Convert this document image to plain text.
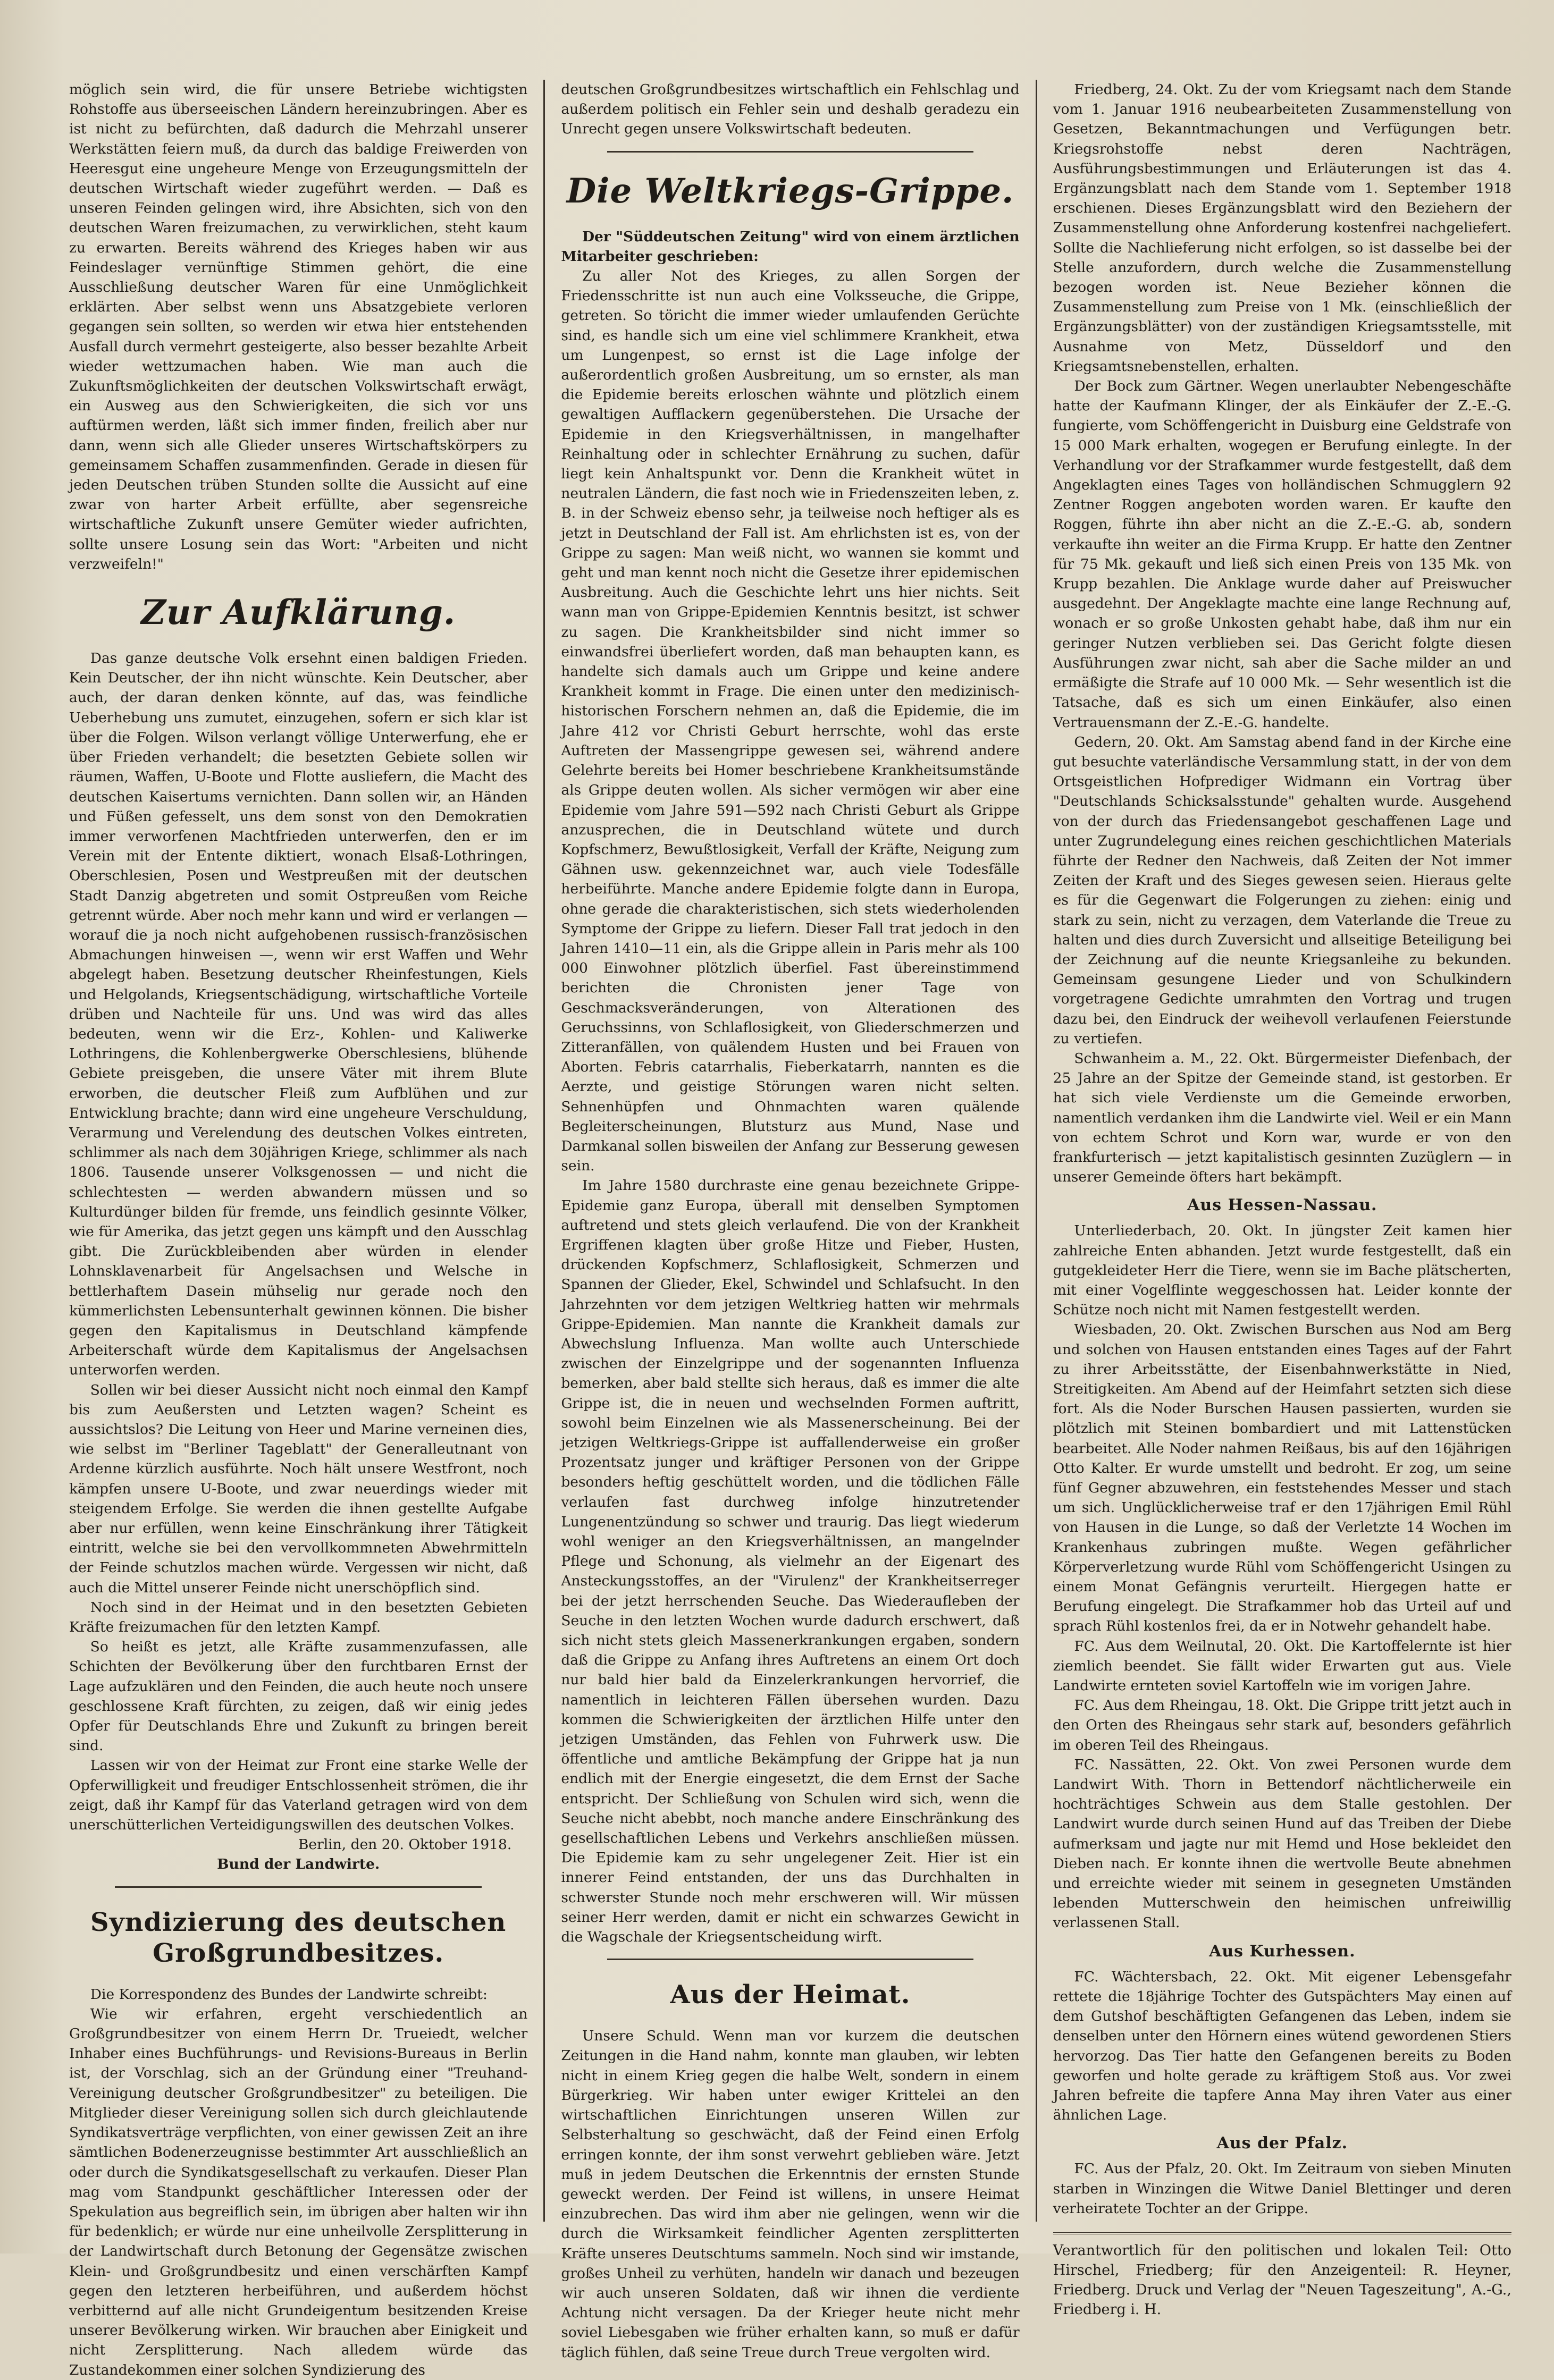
möglich sein wird, die für unsere Betriebe wichtigsten Rohstoffe aus überseeischen Ländern hereinzubringen. Aber es ist nicht zu befürchten, daß dadurch die Mehrzahl unserer Werkstätten feiern muß, da durch das baldige Freiwerden von Heeresgut eine ungeheure Menge von Erzeugungsmitteln der deutschen Wirtschaft wieder zugeführt werden. — Daß es unseren Feinden gelingen wird, ihre Absichten, sich von den deutschen Waren freizumachen, zu verwirklichen, steht kaum zu erwarten. Bereits während des Krieges haben wir aus Feindeslager vernünftige Stimmen gehört, die eine Ausschließung deutscher Waren für eine Unmöglichkeit erklärten. Aber selbst wenn uns Absatzgebiete verloren gegangen sein sollten, so werden wir etwa hier entstehenden Ausfall durch vermehrt gesteigerte, also besser bezahlte Arbeit wieder wettzumachen haben. Wie man auch die Zukunftsmöglichkeiten der deutschen Volkswirtschaft erwägt, ein Ausweg aus den Schwierigkeiten, die sich vor uns auftürmen werden, läßt sich immer finden, freilich aber nur dann, wenn sich alle Glieder unseres Wirtschaftskörpers zu gemeinsamem Schaffen zusammenfinden. Gerade in diesen für jeden Deutschen trüben Stunden sollte die Aussicht auf eine zwar von harter Arbeit erfüllte, aber segensreiche wirtschaftliche Zukunft unsere Gemüter wieder aufrichten, sollte unsere Losung sein das Wort: "Arbeiten und nicht verzweifeln!"

Zur Aufklärung.

Das ganze deutsche Volk ersehnt einen baldigen Frieden. Kein Deutscher, der ihn nicht wünschte. Kein Deutscher, aber auch, der daran denken könnte, auf das, was feindliche Ueberhebung uns zumutet, einzugehen, sofern er sich klar ist über die Folgen. Wilson verlangt völlige Unterwerfung, ehe er über Frieden verhandelt; die besetzten Gebiete sollen wir räumen, Waffen, U-Boote und Flotte ausliefern, die Macht des deutschen Kaisertums vernichten. Dann sollen wir, an Händen und Füßen gefesselt, uns dem sonst von den Demokratien immer verworfenen Machtfrieden unterwerfen, den er im Verein mit der Entente diktiert, wonach Elsaß-Lothringen, Oberschlesien, Posen und Westpreußen mit der deutschen Stadt Danzig abgetreten und somit Ostpreußen vom Reiche getrennt würde. Aber noch mehr kann und wird er verlangen — worauf die ja noch nicht aufgehobenen russisch-französischen Abmachungen hinweisen —, wenn wir erst Waffen und Wehr abgelegt haben. Besetzung deutscher Rheinfestungen, Kiels und Helgolands, Kriegsentschädigung, wirtschaftliche Vorteile drüben und Nachteile für uns. Und was wird das alles bedeuten, wenn wir die Erz-, Kohlen- und Kaliwerke Lothringens, die Kohlenbergwerke Oberschlesiens, blühende Gebiete preisgeben, die unsere Väter mit ihrem Blute erworben, die deutscher Fleiß zum Aufblühen und zur Entwicklung brachte; dann wird eine ungeheure Verschuldung, Verarmung und Verelendung des deutschen Volkes eintreten, schlimmer als nach dem 30jährigen Kriege, schlimmer als nach 1806. Tausende unserer Volksgenossen — und nicht die schlechtesten — werden abwandern müssen und so Kulturdünger bilden für fremde, uns feindlich gesinnte Völker, wie für Amerika, das jetzt gegen uns kämpft und den Ausschlag gibt. Die Zurückbleibenden aber würden in elender Lohnsklavenarbeit für Angelsachsen und Welsche in bettlerhaftem Dasein mühselig nur gerade noch den kümmerlichsten Lebensunterhalt gewinnen können. Die bisher gegen den Kapitalismus in Deutschland kämpfende Arbeiterschaft würde dem Kapitalismus der Angelsachsen unterworfen werden.

Sollen wir bei dieser Aussicht nicht noch einmal den Kampf bis zum Aeußersten und Letzten wagen? Scheint es aussichtslos? Die Leitung von Heer und Marine verneinen dies, wie selbst im "Berliner Tageblatt" der Generalleutnant von Ardenne kürzlich ausführte. Noch hält unsere Westfront, noch kämpfen unsere U-Boote, und zwar neuerdings wieder mit steigendem Erfolge. Sie werden die ihnen gestellte Aufgabe aber nur erfüllen, wenn keine Einschränkung ihrer Tätigkeit eintritt, welche sie bei den vervollkommneten Abwehrmitteln der Feinde schutzlos machen würde. Vergessen wir nicht, daß auch die Mittel unserer Feinde nicht unerschöpflich sind.

Noch sind in der Heimat und in den besetzten Gebieten Kräfte freizumachen für den letzten Kampf.

So heißt es jetzt, alle Kräfte zusammenzufassen, alle Schichten der Bevölkerung über den furchtbaren Ernst der Lage aufzuklären und den Feinden, die auch heute noch unsere geschlossene Kraft fürchten, zu zeigen, daß wir einig jedes Opfer für Deutschlands Ehre und Zukunft zu bringen bereit sind.

Lassen wir von der Heimat zur Front eine starke Welle der Opferwilligkeit und freudiger Entschlossenheit strömen, die ihr zeigt, daß ihr Kampf für das Vaterland getragen wird von dem unerschütterlichen Verteidigungswillen des deutschen Volkes.

Berlin, den 20. Oktober 1918.
Bund der Landwirte.
Syndizierung des deutschen Großgrundbesitzes.

Die Korrespondenz des Bundes der Landwirte schreibt:

Wie wir erfahren, ergeht verschiedentlich an Großgrundbesitzer von einem Herrn Dr. Trueiedt, welcher Inhaber eines Buchführungs- und Revisions-Bureaus in Berlin ist, der Vorschlag, sich an der Gründung einer "Treuhand-Vereinigung deutscher Großgrundbesitzer" zu beteiligen. Die Mitglieder dieser Vereinigung sollen sich durch gleichlautende Syndikatsverträge verpflichten, von einer gewissen Zeit an ihre sämtlichen Bodenerzeugnisse bestimmter Art ausschließlich an oder durch die Syndikatsgesellschaft zu verkaufen. Dieser Plan mag vom Standpunkt geschäftlicher Interessen oder der Spekulation aus begreiflich sein, im übrigen aber halten wir ihn für bedenklich; er würde nur eine unheilvolle Zersplitterung in der Landwirtschaft durch Betonung der Gegensätze zwischen Klein- und Großgrundbesitz und einen verschärften Kampf gegen den letzteren herbeiführen, und außerdem höchst verbitternd auf alle nicht Grundeigentum besitzenden Kreise unserer Bevölkerung wirken. Wir brauchen aber Einigkeit und nicht Zersplitterung. Nach alledem würde das Zustandekommen einer solchen Syndizierung des

deutschen Großgrundbesitzes wirtschaftlich ein Fehlschlag und außerdem politisch ein Fehler sein und deshalb geradezu ein Unrecht gegen unsere Volkswirtschaft bedeuten.

Die Weltkriegs-Grippe.

Der "Süddeutschen Zeitung" wird von einem ärztlichen Mitarbeiter geschrieben:

Zu aller Not des Krieges, zu allen Sorgen der Friedensschritte ist nun auch eine Volksseuche, die Grippe, getreten. So töricht die immer wieder umlaufenden Gerüchte sind, es handle sich um eine viel schlimmere Krankheit, etwa um Lungenpest, so ernst ist die Lage infolge der außerordentlich großen Ausbreitung, um so ernster, als man die Epidemie bereits erloschen wähnte und plötzlich einem gewaltigen Aufflackern gegenüberstehen. Die Ursache der Epidemie in den Kriegsverhältnissen, in mangelhafter Reinhaltung oder in schlechter Ernährung zu suchen, dafür liegt kein Anhaltspunkt vor. Denn die Krankheit wütet in neutralen Ländern, die fast noch wie in Friedenszeiten leben, z. B. in der Schweiz ebenso sehr, ja teilweise noch heftiger als es jetzt in Deutschland der Fall ist. Am ehrlichsten ist es, von der Grippe zu sagen: Man weiß nicht, wo wannen sie kommt und geht und man kennt noch nicht die Gesetze ihrer epidemischen Ausbreitung. Auch die Geschichte lehrt uns hier nichts. Seit wann man von Grippe-Epidemien Kenntnis besitzt, ist schwer zu sagen. Die Krankheitsbilder sind nicht immer so einwandsfrei überliefert worden, daß man behaupten kann, es handelte sich damals auch um Grippe und keine andere Krankheit kommt in Frage. Die einen unter den medizinisch-historischen Forschern nehmen an, daß die Epidemie, die im Jahre 412 vor Christi Geburt herrschte, wohl das erste Auftreten der Massengrippe gewesen sei, während andere Gelehrte bereits bei Homer beschriebene Krankheitsumstände als Grippe deuten wollen. Als sicher vermögen wir aber eine Epidemie vom Jahre 591—592 nach Christi Geburt als Grippe anzusprechen, die in Deutschland wütete und durch Kopfschmerz, Bewußtlosigkeit, Verfall der Kräfte, Neigung zum Gähnen usw. gekennzeichnet war, auch viele Todesfälle herbeiführte. Manche andere Epidemie folgte dann in Europa, ohne gerade die charakteristischen, sich stets wiederholenden Symptome der Grippe zu liefern. Dieser Fall trat jedoch in den Jahren 1410—11 ein, als die Grippe allein in Paris mehr als 100 000 Einwohner plötzlich überfiel. Fast übereinstimmend berichten die Chronisten jener Tage von Geschmacksveränderungen, von Alterationen des Geruchssinns, von Schlaflosigkeit, von Gliederschmerzen und Zitteranfällen, von quälendem Husten und bei Frauen von Aborten. Febris catarrhalis, Fieberkatarrh, nannten es die Aerzte, und geistige Störungen waren nicht selten. Sehnenhüpfen und Ohnmachten waren quälende Begleiterscheinungen, Blutsturz aus Mund, Nase und Darmkanal sollen bisweilen der Anfang zur Besserung gewesen sein.

Im Jahre 1580 durchraste eine genau bezeichnete Grippe-Epidemie ganz Europa, überall mit denselben Symptomen auftretend und stets gleich verlaufend. Die von der Krankheit Ergriffenen klagten über große Hitze und Fieber, Husten, drückenden Kopfschmerz, Schlaflosigkeit, Schmerzen und Spannen der Glieder, Ekel, Schwindel und Schlafsucht. In den Jahrzehnten vor dem jetzigen Weltkrieg hatten wir mehrmals Grippe-Epidemien. Man nannte die Krankheit damals zur Abwechslung Influenza. Man wollte auch Unterschiede zwischen der Einzelgrippe und der sogenannten Influenza bemerken, aber bald stellte sich heraus, daß es immer die alte Grippe ist, die in neuen und wechselnden Formen auftritt, sowohl beim Einzelnen wie als Massenerscheinung. Bei der jetzigen Weltkriegs-Grippe ist auffallenderweise ein großer Prozentsatz junger und kräftiger Personen von der Grippe besonders heftig geschüttelt worden, und die tödlichen Fälle verlaufen fast durchweg infolge hinzutretender Lungenentzündung so schwer und traurig. Das liegt wiederum wohl weniger an den Kriegsverhältnissen, an mangelnder Pflege und Schonung, als vielmehr an der Eigenart des Ansteckungsstoffes, an der "Virulenz" der Krankheitserreger bei der jetzt herrschenden Seuche. Das Wiederaufleben der Seuche in den letzten Wochen wurde dadurch erschwert, daß sich nicht stets gleich Massenerkrankungen ergaben, sondern daß die Grippe zu Anfang ihres Auftretens an einem Ort doch nur bald hier bald da Einzelerkrankungen hervorrief, die namentlich in leichteren Fällen übersehen wurden. Dazu kommen die Schwierigkeiten der ärztlichen Hilfe unter den jetzigen Umständen, das Fehlen von Fuhrwerk usw. Die öffentliche und amtliche Bekämpfung der Grippe hat ja nun endlich mit der Energie eingesetzt, die dem Ernst der Sache entspricht. Der Schließung von Schulen wird sich, wenn die Seuche nicht abebbt, noch manche andere Einschränkung des gesellschaftlichen Lebens und Verkehrs anschließen müssen. Die Epidemie kam zu sehr ungelegener Zeit. Hier ist ein innerer Feind entstanden, der uns das Durchhalten in schwerster Stunde noch mehr erschweren will. Wir müssen seiner Herr werden, damit er nicht ein schwarzes Gewicht in die Wagschale der Kriegsentscheidung wirft.

Aus der Heimat.

Unsere Schuld. Wenn man vor kurzem die deutschen Zeitungen in die Hand nahm, konnte man glauben, wir lebten nicht in einem Krieg gegen die halbe Welt, sondern in einem Bürgerkrieg. Wir haben unter ewiger Krittelei an den wirtschaftlichen Einrichtungen unseren Willen zur Selbsterhaltung so geschwächt, daß der Feind einen Erfolg erringen konnte, der ihm sonst verwehrt geblieben wäre. Jetzt muß in jedem Deutschen die Erkenntnis der ernsten Stunde geweckt werden. Der Feind ist willens, in unsere Heimat einzubrechen. Das wird ihm aber nie gelingen, wenn wir die durch die Wirksamkeit feindlicher Agenten zersplitterten Kräfte unseres Deutschtums sammeln. Noch sind wir imstande, großes Unheil zu verhüten, handeln wir danach und bezeugen wir auch unseren Soldaten, daß wir ihnen die verdiente Achtung nicht versagen. Da der Krieger heute nicht mehr soviel Liebesgaben wie früher erhalten kann, so muß er dafür täglich fühlen, daß seine Treue durch Treue vergolten wird.

Friedberg, 24. Okt. Zu der vom Kriegsamt nach dem Stande vom 1. Januar 1916 neubearbeiteten Zusammenstellung von Gesetzen, Bekanntmachungen und Verfügungen betr. Kriegsrohstoffe nebst deren Nachträgen, Ausführungsbestimmungen und Erläuterungen ist das 4. Ergänzungsblatt nach dem Stande vom 1. September 1918 erschienen. Dieses Ergänzungsblatt wird den Beziehern der Zusammenstellung ohne Anforderung kostenfrei nachgeliefert. Sollte die Nachlieferung nicht erfolgen, so ist dasselbe bei der Stelle anzufordern, durch welche die Zusammenstellung bezogen worden ist. Neue Bezieher können die Zusammenstellung zum Preise von 1 Mk. (einschließlich der Ergänzungsblätter) von der zuständigen Kriegsamtsstelle, mit Ausnahme von Metz, Düsseldorf und den Kriegsamtsnebenstellen, erhalten.

Der Bock zum Gärtner. Wegen unerlaubter Nebengeschäfte hatte der Kaufmann Klinger, der als Einkäufer der Z.-E.-G. fungierte, vom Schöffengericht in Duisburg eine Geldstrafe von 15 000 Mark erhalten, wogegen er Berufung einlegte. In der Verhandlung vor der Strafkammer wurde festgestellt, daß dem Angeklagten eines Tages von holländischen Schmugglern 92 Zentner Roggen angeboten worden waren. Er kaufte den Roggen, führte ihn aber nicht an die Z.-E.-G. ab, sondern verkaufte ihn weiter an die Firma Krupp. Er hatte den Zentner für 75 Mk. gekauft und ließ sich einen Preis von 135 Mk. von Krupp bezahlen. Die Anklage wurde daher auf Preiswucher ausgedehnt. Der Angeklagte machte eine lange Rechnung auf, wonach er so große Unkosten gehabt habe, daß ihm nur ein geringer Nutzen verblieben sei. Das Gericht folgte diesen Ausführungen zwar nicht, sah aber die Sache milder an und ermäßigte die Strafe auf 10 000 Mk. — Sehr wesentlich ist die Tatsache, daß es sich um einen Einkäufer, also einen Vertrauensmann der Z.-E.-G. handelte.

Gedern, 20. Okt. Am Samstag abend fand in der Kirche eine gut besuchte vaterländische Versammlung statt, in der von dem Ortsgeistlichen Hofprediger Widmann ein Vortrag über "Deutschlands Schicksalsstunde" gehalten wurde. Ausgehend von der durch das Friedensangebot geschaffenen Lage und unter Zugrundelegung eines reichen geschichtlichen Materials führte der Redner den Nachweis, daß Zeiten der Not immer Zeiten der Kraft und des Sieges gewesen seien. Hieraus gelte es für die Gegenwart die Folgerungen zu ziehen: einig und stark zu sein, nicht zu verzagen, dem Vaterlande die Treue zu halten und dies durch Zuversicht und allseitige Beteiligung bei der Zeichnung auf die neunte Kriegsanleihe zu bekunden. Gemeinsam gesungene Lieder und von Schulkindern vorgetragene Gedichte umrahmten den Vortrag und trugen dazu bei, den Eindruck der weihevoll verlaufenen Feierstunde zu vertiefen.

Schwanheim a. M., 22. Okt. Bürgermeister Diefenbach, der 25 Jahre an der Spitze der Gemeinde stand, ist gestorben. Er hat sich viele Verdienste um die Gemeinde erworben, namentlich verdanken ihm die Landwirte viel. Weil er ein Mann von echtem Schrot und Korn war, wurde er von den frankfurterisch — jetzt kapitalistisch gesinnten Zuzüglern — in unserer Gemeinde öfters hart bekämpft.

Aus Hessen-Nassau.

Unterliederbach, 20. Okt. In jüngster Zeit kamen hier zahlreiche Enten abhanden. Jetzt wurde festgestellt, daß ein gutgekleideter Herr die Tiere, wenn sie im Bache plätscherten, mit einer Vogelflinte weggeschossen hat. Leider konnte der Schütze noch nicht mit Namen festgestellt werden.

Wiesbaden, 20. Okt. Zwischen Burschen aus Nod am Berg und solchen von Hausen entstanden eines Tages auf der Fahrt zu ihrer Arbeitsstätte, der Eisenbahnwerkstätte in Nied, Streitigkeiten. Am Abend auf der Heimfahrt setzten sich diese fort. Als die Noder Burschen Hausen passierten, wurden sie plötzlich mit Steinen bombardiert und mit Lattenstücken bearbeitet. Alle Noder nahmen Reißaus, bis auf den 16jährigen Otto Kalter. Er wurde umstellt und bedroht. Er zog, um seine fünf Gegner abzuwehren, ein feststehendes Messer und stach um sich. Unglücklicherweise traf er den 17jährigen Emil Rühl von Hausen in die Lunge, so daß der Verletzte 14 Wochen im Krankenhaus zubringen mußte. Wegen gefährlicher Körperverletzung wurde Rühl vom Schöffengericht Usingen zu einem Monat Gefängnis verurteilt. Hiergegen hatte er Berufung eingelegt. Die Strafkammer hob das Urteil auf und sprach Rühl kostenlos frei, da er in Notwehr gehandelt habe.

FC. Aus dem Weilnutal, 20. Okt. Die Kartoffelernte ist hier ziemlich beendet. Sie fällt wider Erwarten gut aus. Viele Landwirte ernteten soviel Kartoffeln wie im vorigen Jahre.

FC. Aus dem Rheingau, 18. Okt. Die Grippe tritt jetzt auch in den Orten des Rheingaus sehr stark auf, besonders gefährlich im oberen Teil des Rheingaus.

FC. Nassätten, 22. Okt. Von zwei Personen wurde dem Landwirt With. Thorn in Bettendorf nächtlicherweile ein hochträchtiges Schwein aus dem Stalle gestohlen. Der Landwirt wurde durch seinen Hund auf das Treiben der Diebe aufmerksam und jagte nur mit Hemd und Hose bekleidet den Dieben nach. Er konnte ihnen die wertvolle Beute abnehmen und erreichte wieder mit seinem in gesegneten Umständen lebenden Mutterschwein den heimischen unfreiwillig verlassenen Stall.

Aus Kurhessen.

FC. Wächtersbach, 22. Okt. Mit eigener Lebensgefahr rettete die 18jährige Tochter des Gutspächters May einen auf dem Gutshof beschäftigten Gefangenen das Leben, indem sie denselben unter den Hörnern eines wütend gewordenen Stiers hervorzog. Das Tier hatte den Gefangenen bereits zu Boden geworfen und holte gerade zu kräftigem Stoß aus. Vor zwei Jahren befreite die tapfere Anna May ihren Vater aus einer ähnlichen Lage.

Aus der Pfalz.

FC. Aus der Pfalz, 20. Okt. Im Zeitraum von sieben Minuten starben in Winzingen die Witwe Daniel Blettinger und deren verheiratete Tochter an der Grippe.

Verantwortlich für den politischen und lokalen Teil: Otto Hirschel, Friedberg; für den Anzeigenteil: R. Heyner, Friedberg. Druck und Verlag der "Neuen Tageszeitung", A.-G., Friedberg i. H.
